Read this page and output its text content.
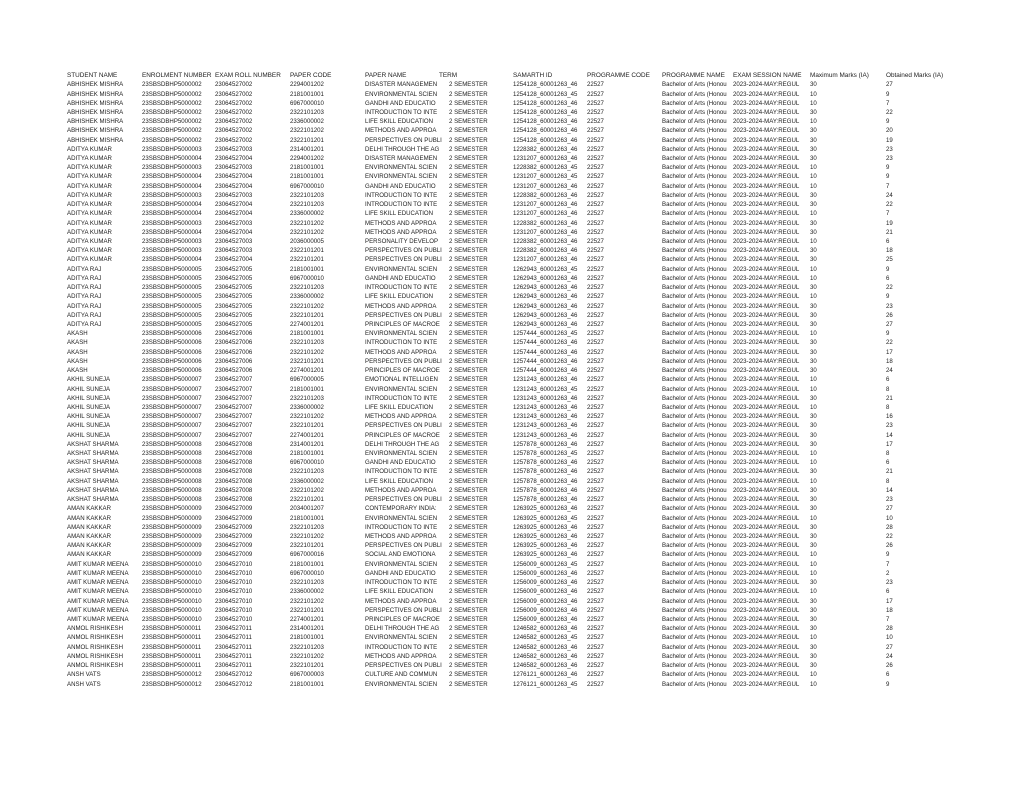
STUDENT NAME	ENROLMENT NUMBER EXAM ROLL NUMBER	PAPER CODE	PAPER NAME	TERM	SAMARTH ID	PROGRAMME CODE	PROGRAMME NAME	EXAM SESSION NAME	Maximum Marks (IA)	Obtained Marks (IA)
ABHISHEK MISHRA	23SBSDBHP5000002	23064527002	2294001202	DISASTER MANAGEMEN	2 SEMESTER	1254128_60001263_46	22527	Bachelor of Arts (Honou	2023-2024-MAY:REGUL	30	27
ABHISHEK MISHRA	23SBSDBHP5000002	23064527002	2181001001	ENVIRONMENTAL SCIEN	2 SEMESTER	1254128_60001263_45	22527	Bachelor of Arts (Honou	2023-2024-MAY:REGUL	10	9
ABHISHEK MISHRA	23SBSDBHP5000002	23064527002	6967000010	GANDHI AND EDUCATIO	2 SEMESTER	1254128_60001263_46	22527	Bachelor of Arts (Honou	2023-2024-MAY:REGUL	10	7
ABHISHEK MISHRA	23SBSDBHP5000002	23064527002	2322101203	INTRODUCTION TO INTE	2 SEMESTER	1254128_60001263_46	22527	Bachelor of Arts (Honou	2023-2024-MAY:REGUL	30	22
ABHISHEK MISHRA	23SBSDBHP5000002	23064527002	2336000002	LIFE SKILL EDUCATION	2 SEMESTER	1254128_60001263_46	22527	Bachelor of Arts (Honou	2023-2024-MAY:REGUL	10	9
ABHISHEK MISHRA	23SBSDBHP5000002	23064527002	2322101202	METHODS AND APPROA	2 SEMESTER	1254128_60001263_46	22527	Bachelor of Arts (Honou	2023-2024-MAY:REGUL	30	20
ABHISHEK MISHRA	23SBSDBHP5000002	23064527002	2322101201	PERSPECTIVES ON PUBLI	2 SEMESTER	1254128_60001263_46	22527	Bachelor of Arts (Honou	2023-2024-MAY:REGUL	30	19
ADITYA KUMAR	23SBSDBHP5000003	23064527003	2314001201	DELHI THROUGH THE AG	2 SEMESTER	1228382_60001263_46	22527	Bachelor of Arts (Honou	2023-2024-MAY:REGUL	30	23
ADITYA KUMAR	23SBSDBHP5000004	23064527004	2294001202	DISASTER MANAGEMEN	2 SEMESTER	1231207_60001263_46	22527	Bachelor of Arts (Honou	2023-2024-MAY:REGUL	30	23
ADITYA KUMAR	23SBSDBHP5000003	23064527003	2181001001	ENVIRONMENTAL SCIEN	2 SEMESTER	1228382_60001263_45	22527	Bachelor of Arts (Honou	2023-2024-MAY:REGUL	10	9
ADITYA KUMAR	23SBSDBHP5000004	23064527004	2181001001	ENVIRONMENTAL SCIEN	2 SEMESTER	1231207_60001263_45	22527	Bachelor of Arts (Honou	2023-2024-MAY:REGUL	10	9
ADITYA KUMAR	23SBSDBHP5000004	23064527004	6967000010	GANDHI AND EDUCATIO	2 SEMESTER	1231207_60001263_46	22527	Bachelor of Arts (Honou	2023-2024-MAY:REGUL	10	7
ADITYA KUMAR	23SBSDBHP5000003	23064527003	2322101203	INTRODUCTION TO INTE	2 SEMESTER	1228382_60001263_46	22527	Bachelor of Arts (Honou	2023-2024-MAY:REGUL	30	24
ADITYA KUMAR	23SBSDBHP5000004	23064527004	2322101203	INTRODUCTION TO INTE	2 SEMESTER	1231207_60001263_46	22527	Bachelor of Arts (Honou	2023-2024-MAY:REGUL	30	22
ADITYA KUMAR	23SBSDBHP5000004	23064527004	2336000002	LIFE SKILL EDUCATION	2 SEMESTER	1231207_60001263_46	22527	Bachelor of Arts (Honou	2023-2024-MAY:REGUL	10	7
ADITYA KUMAR	23SBSDBHP5000003	23064527003	2322101202	METHODS AND APPROA	2 SEMESTER	1228382_60001263_46	22527	Bachelor of Arts (Honou	2023-2024-MAY:REGUL	30	19
ADITYA KUMAR	23SBSDBHP5000004	23064527004	2322101202	METHODS AND APPROA	2 SEMESTER	1231207_60001263_46	22527	Bachelor of Arts (Honou	2023-2024-MAY:REGUL	30	21
ADITYA KUMAR	23SBSDBHP5000003	23064527003	2036000005	PERSONALITY DEVELOP	2 SEMESTER	1228382_60001263_46	22527	Bachelor of Arts (Honou	2023-2024-MAY:REGUL	10	6
ADITYA KUMAR	23SBSDBHP5000003	23064527003	2322101201	PERSPECTIVES ON PUBLI	2 SEMESTER	1228382_60001263_46	22527	Bachelor of Arts (Honou	2023-2024-MAY:REGUL	30	18
ADITYA KUMAR	23SBSDBHP5000004	23064527004	2322101201	PERSPECTIVES ON PUBLI	2 SEMESTER	1231207_60001263_46	22527	Bachelor of Arts (Honou	2023-2024-MAY:REGUL	30	25
ADITYA RAJ	23SBSDBHP5000005	23064527005	2181001001	ENVIRONMENTAL SCIEN	2 SEMESTER	1262943_60001263_45	22527	Bachelor of Arts (Honou	2023-2024-MAY:REGUL	10	9
ADITYA RAJ	23SBSDBHP5000005	23064527005	6967000010	GANDHI AND EDUCATIO	2 SEMESTER	1262943_60001263_46	22527	Bachelor of Arts (Honou	2023-2024-MAY:REGUL	10	6
ADITYA RAJ	23SBSDBHP5000005	23064527005	2322101203	INTRODUCTION TO INTE	2 SEMESTER	1262943_60001263_46	22527	Bachelor of Arts (Honou	2023-2024-MAY:REGUL	30	22
ADITYA RAJ	23SBSDBHP5000005	23064527005	2336000002	LIFE SKILL EDUCATION	2 SEMESTER	1262943_60001263_46	22527	Bachelor of Arts (Honou	2023-2024-MAY:REGUL	10	9
ADITYA RAJ	23SBSDBHP5000005	23064527005	2322101202	METHODS AND APPROA	2 SEMESTER	1262943_60001263_46	22527	Bachelor of Arts (Honou	2023-2024-MAY:REGUL	30	23
ADITYA RAJ	23SBSDBHP5000005	23064527005	2322101201	PERSPECTIVES ON PUBLI	2 SEMESTER	1262943_60001263_46	22527	Bachelor of Arts (Honou	2023-2024-MAY:REGUL	30	26
ADITYA RAJ	23SBSDBHP5000005	23064527005	2274001201	PRINCIPLES OF MACROE	2 SEMESTER	1262943_60001263_46	22527	Bachelor of Arts (Honou	2023-2024-MAY:REGUL	30	27
AKASH	23SBSDBHP5000006	23064527006	2181001001	ENVIRONMENTAL SCIEN	2 SEMESTER	1257444_60001263_45	22527	Bachelor of Arts (Honou	2023-2024-MAY:REGUL	10	9
AKASH	23SBSDBHP5000006	23064527006	2322101203	INTRODUCTION TO INTE	2 SEMESTER	1257444_60001263_46	22527	Bachelor of Arts (Honou	2023-2024-MAY:REGUL	30	22
AKASH	23SBSDBHP5000006	23064527006	2322101202	METHODS AND APPROA	2 SEMESTER	1257444_60001263_46	22527	Bachelor of Arts (Honou	2023-2024-MAY:REGUL	30	17
AKASH	23SBSDBHP5000006	23064527006	2322101201	PERSPECTIVES ON PUBLI	2 SEMESTER	1257444_60001263_46	22527	Bachelor of Arts (Honou	2023-2024-MAY:REGUL	30	18
AKASH	23SBSDBHP5000006	23064527006	2274001201	PRINCIPLES OF MACROE	2 SEMESTER	1257444_60001263_46	22527	Bachelor of Arts (Honou	2023-2024-MAY:REGUL	30	24
AKHIL SUNEJA	23SBSDBHP5000007	23064527007	6967000005	EMOTIONAL INTELLIGEN	2 SEMESTER	1231243_60001263_46	22527	Bachelor of Arts (Honou	2023-2024-MAY:REGUL	10	6
AKHIL SUNEJA	23SBSDBHP5000007	23064527007	2181001001	ENVIRONMENTAL SCIEN	2 SEMESTER	1231243_60001263_45	22527	Bachelor of Arts (Honou	2023-2024-MAY:REGUL	10	8
AKHIL SUNEJA	23SBSDBHP5000007	23064527007	2322101203	INTRODUCTION TO INTE	2 SEMESTER	1231243_60001263_46	22527	Bachelor of Arts (Honou	2023-2024-MAY:REGUL	30	21
AKHIL SUNEJA	23SBSDBHP5000007	23064527007	2336000002	LIFE SKILL EDUCATION	2 SEMESTER	1231243_60001263_46	22527	Bachelor of Arts (Honou	2023-2024-MAY:REGUL	10	8
AKHIL SUNEJA	23SBSDBHP5000007	23064527007	2322101202	METHODS AND APPROA	2 SEMESTER	1231243_60001263_46	22527	Bachelor of Arts (Honou	2023-2024-MAY:REGUL	30	16
AKHIL SUNEJA	23SBSDBHP5000007	23064527007	2322101201	PERSPECTIVES ON PUBLI	2 SEMESTER	1231243_60001263_46	22527	Bachelor of Arts (Honou	2023-2024-MAY:REGUL	30	23
AKHIL SUNEJA	23SBSDBHP5000007	23064527007	2274001201	PRINCIPLES OF MACROE	2 SEMESTER	1231243_60001263_46	22527	Bachelor of Arts (Honou	2023-2024-MAY:REGUL	30	14
AKSHAT SHARMA	23SBSDBHP5000008	23064527008	2314001201	DELHI THROUGH THE AG	2 SEMESTER	1257878_60001263_46	22527	Bachelor of Arts (Honou	2023-2024-MAY:REGUL	30	17
AKSHAT SHARMA	23SBSDBHP5000008	23064527008	2181001001	ENVIRONMENTAL SCIEN	2 SEMESTER	1257878_60001263_45	22527	Bachelor of Arts (Honou	2023-2024-MAY:REGUL	10	8
AKSHAT SHARMA	23SBSDBHP5000008	23064527008	6967000010	GANDHI AND EDUCATIO	2 SEMESTER	1257878_60001263_46	22527	Bachelor of Arts (Honou	2023-2024-MAY:REGUL	10	6
AKSHAT SHARMA	23SBSDBHP5000008	23064527008	2322101203	INTRODUCTION TO INTE	2 SEMESTER	1257878_60001263_46	22527	Bachelor of Arts (Honou	2023-2024-MAY:REGUL	30	21
AKSHAT SHARMA	23SBSDBHP5000008	23064527008	2336000002	LIFE SKILL EDUCATION	2 SEMESTER	1257878_60001263_46	22527	Bachelor of Arts (Honou	2023-2024-MAY:REGUL	10	8
AKSHAT SHARMA	23SBSDBHP5000008	23064527008	2322101202	METHODS AND APPROA	2 SEMESTER	1257878_60001263_46	22527	Bachelor of Arts (Honou	2023-2024-MAY:REGUL	30	14
AKSHAT SHARMA	23SBSDBHP5000008	23064527008	2322101201	PERSPECTIVES ON PUBLI	2 SEMESTER	1257878_60001263_46	22527	Bachelor of Arts (Honou	2023-2024-MAY:REGUL	30	23
AMAN KAKKAR	23SBSDBHP5000009	23064527009	2034001207	CONTEMPORARY INDIA:	2 SEMESTER	1263925_60001263_46	22527	Bachelor of Arts (Honou	2023-2024-MAY:REGUL	30	27
AMAN KAKKAR	23SBSDBHP5000009	23064527009	2181001001	ENVIRONMENTAL SCIEN	2 SEMESTER	1263925_60001263_45	22527	Bachelor of Arts (Honou	2023-2024-MAY:REGUL	10	10
AMAN KAKKAR	23SBSDBHP5000009	23064527009	2322101203	INTRODUCTION TO INTE	2 SEMESTER	1263925_60001263_46	22527	Bachelor of Arts (Honou	2023-2024-MAY:REGUL	30	28
AMAN KAKKAR	23SBSDBHP5000009	23064527009	2322101202	METHODS AND APPROA	2 SEMESTER	1263925_60001263_46	22527	Bachelor of Arts (Honou	2023-2024-MAY:REGUL	30	22
AMAN KAKKAR	23SBSDBHP5000009	23064527009	2322101201	PERSPECTIVES ON PUBLI	2 SEMESTER	1263925_60001263_46	22527	Bachelor of Arts (Honou	2023-2024-MAY:REGUL	30	26
AMAN KAKKAR	23SBSDBHP5000009	23064527009	6967000016	SOCIAL AND EMOTIONA	2 SEMESTER	1263925_60001263_46	22527	Bachelor of Arts (Honou	2023-2024-MAY:REGUL	10	9
AMIT KUMAR MEENA	23SBSDBHP5000010	23064527010	2181001001	ENVIRONMENTAL SCIEN	2 SEMESTER	1256009_60001263_45	22527	Bachelor of Arts (Honou	2023-2024-MAY:REGUL	10	7
AMIT KUMAR MEENA	23SBSDBHP5000010	23064527010	6967000010	GANDHI AND EDUCATIO	2 SEMESTER	1256009_60001263_46	22527	Bachelor of Arts (Honou	2023-2024-MAY:REGUL	10	2
AMIT KUMAR MEENA	23SBSDBHP5000010	23064527010	2322101203	INTRODUCTION TO INTE	2 SEMESTER	1256009_60001263_46	22527	Bachelor of Arts (Honou	2023-2024-MAY:REGUL	30	23
AMIT KUMAR MEENA	23SBSDBHP5000010	23064527010	2336000002	LIFE SKILL EDUCATION	2 SEMESTER	1256009_60001263_46	22527	Bachelor of Arts (Honou	2023-2024-MAY:REGUL	10	6
AMIT KUMAR MEENA	23SBSDBHP5000010	23064527010	2322101202	METHODS AND APPROA	2 SEMESTER	1256009_60001263_46	22527	Bachelor of Arts (Honou	2023-2024-MAY:REGUL	30	17
AMIT KUMAR MEENA	23SBSDBHP5000010	23064527010	2322101201	PERSPECTIVES ON PUBLI	2 SEMESTER	1256009_60001263_46	22527	Bachelor of Arts (Honou	2023-2024-MAY:REGUL	30	18
AMIT KUMAR MEENA	23SBSDBHP5000010	23064527010	2274001201	PRINCIPLES OF MACROE	2 SEMESTER	1256009_60001263_46	22527	Bachelor of Arts (Honou	2023-2024-MAY:REGUL	30	7
ANMOL RISHIKESH	23SBSDBHP5000011	23064527011	2314001201	DELHI THROUGH THE AG	2 SEMESTER	1246582_60001263_46	22527	Bachelor of Arts (Honou	2023-2024-MAY:REGUL	30	28
ANMOL RISHIKESH	23SBSDBHP5000011	23064527011	2181001001	ENVIRONMENTAL SCIEN	2 SEMESTER	1246582_60001263_45	22527	Bachelor of Arts (Honou	2023-2024-MAY:REGUL	10	10
ANMOL RISHIKESH	23SBSDBHP5000011	23064527011	2322101203	INTRODUCTION TO INTE	2 SEMESTER	1246582_60001263_46	22527	Bachelor of Arts (Honou	2023-2024-MAY:REGUL	30	27
ANMOL RISHIKESH	23SBSDBHP5000011	23064527011	2322101202	METHODS AND APPROA	2 SEMESTER	1246582_60001263_46	22527	Bachelor of Arts (Honou	2023-2024-MAY:REGUL	30	24
ANMOL RISHIKESH	23SBSDBHP5000011	23064527011	2322101201	PERSPECTIVES ON PUBLI	2 SEMESTER	1246582_60001263_46	22527	Bachelor of Arts (Honou	2023-2024-MAY:REGUL	30	26
ANSH VATS	23SBSDBHP5000012	23064527012	6967000003	CULTURE AND COMMUN	2 SEMESTER	1276121_60001263_46	22527	Bachelor of Arts (Honou	2023-2024-MAY:REGUL	10	6
ANSH VATS	23SBSDBHP5000012	23064527012	2181001001	ENVIRONMENTAL SCIEN	2 SEMESTER	1276121_60001263_45	22527	Bachelor of Arts (Honou	2023-2024-MAY:REGUL	10	9
